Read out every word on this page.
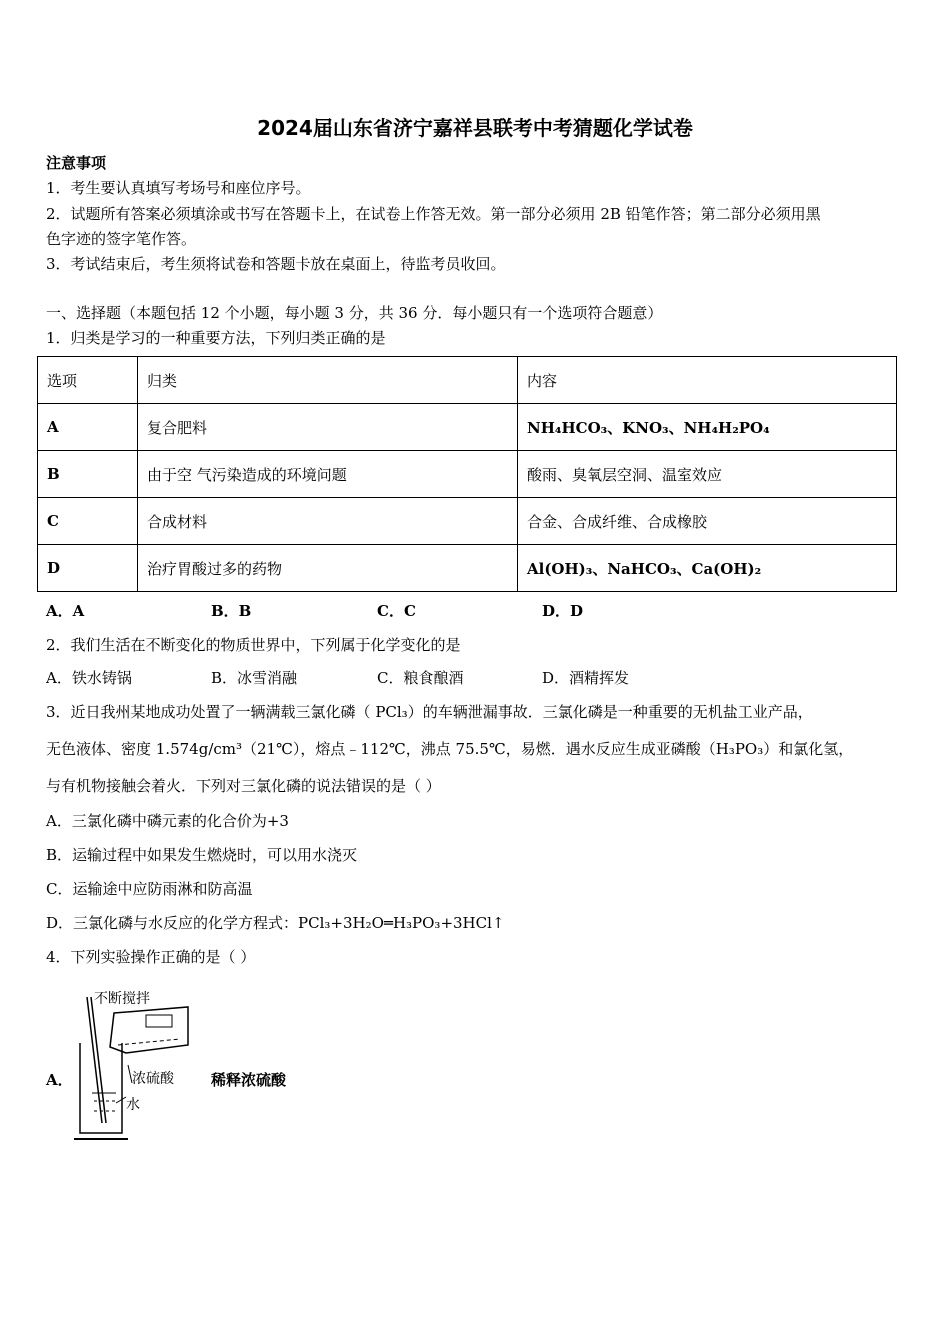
2024届山东省济宁嘉祥县联考中考猜题化学试卷
注意事项
1．考生要认真填写考场号和座位序号。
2．试题所有答案必须填涂或书写在答题卡上，在试卷上作答无效。第一部分必须用 2B 铅笔作答；第二部分必须用黑
色字迹的签字笔作答。
3．考试结束后，考生须将试卷和答题卡放在桌面上，待监考员收回。
一、选择题（本题包括 12 个小题，每小题 3 分，共 36 分．每小题只有一个选项符合题意）
1．归类是学习的一种重要方法，下列归类正确的是
选项	归类	内容
A	复合肥料	NH₄HCO₃、KNO₃、NH₄H₂PO₄
B	由于空 气污染造成的环境问题	酸雨、臭氧层空洞、温室效应
C	合成材料	合金、合成纤维、合成橡胶
D	治疗胃酸过多的药物	Al(OH)₃、NaHCO₃、Ca(OH)₂
A．A	B．B	C．C	D．D
2．我们生活在不断变化的物质世界中，下列属于化学变化的是
A．铁水铸锅	B．冰雪消融	C．粮食酿酒	D．酒精挥发
3．近日我州某地成功处置了一辆满载三氯化磷（ PCl₃）的车辆泄漏事故．三氯化磷是一种重要的无机盐工业产品，
无色液体、密度 1.574g/cm³（21℃），熔点﹣112℃，沸点 75.5℃，易燃．遇水反应生成亚磷酸（H₃PO₃）和氯化氢，
与有机物接触会着火．下列对三氯化磷的说法错误的是（ ）
A．三氯化磷中磷元素的化合价为+3
B．运输过程中如果发生燃烧时，可以用水浇灭
C．运输途中应防雨淋和防高温
D．三氯化磷与水反应的化学方程式：PCl₃+3H₂O═H₃PO₃+3HCl↑
4．下列实验操作正确的是（ ）
A．	稀释浓硫酸
不断搅拌
浓硫酸
水
